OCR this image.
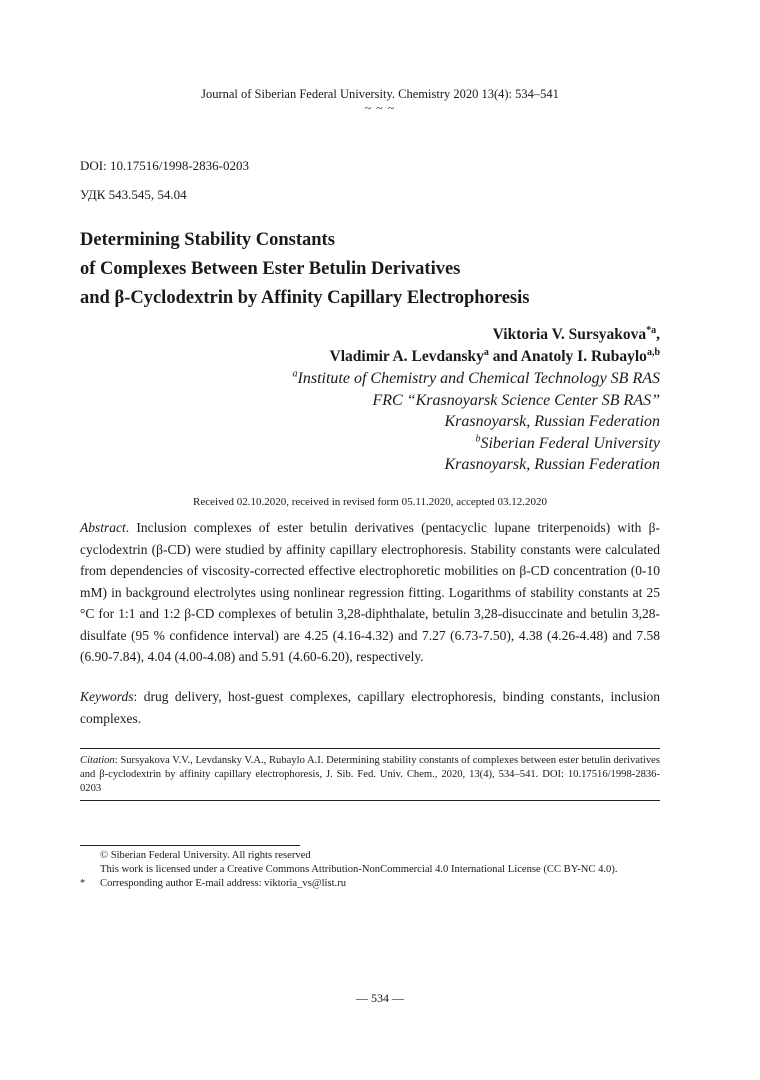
Journal of Siberian Federal University. Chemistry 2020 13(4): 534–541
~ ~ ~
DOI: 10.17516/1998-2836-0203
УДК 543.545, 54.04
Determining Stability Constants
of Complexes Between Ester Betulin Derivatives
and β-Cyclodextrin by Affinity Capillary Electrophoresis
Viktoria V. Sursyakova$^{*a}$,
Vladimir A. Levdansky$^a$ and Anatoly I. Rubaylo$^{a,b}$
$^a$Institute of Chemistry and Chemical Technology SB RAS
FRC “Krasnoyarsk Science Center SB RAS”
Krasnoyarsk, Russian Federation
$^b$Siberian Federal University
Krasnoyarsk, Russian Federation
Received 02.10.2020, received in revised form 05.11.2020, accepted 03.12.2020
Abstract. Inclusion complexes of ester betulin derivatives (pentacyclic lupane triterpenoids) with β-cyclodextrin (β-CD) were studied by affinity capillary electrophoresis. Stability constants were calculated from dependencies of viscosity-corrected effective electrophoretic mobilities on β-CD concentration (0-10 mM) in background electrolytes using nonlinear regression fitting. Logarithms of stability constants at 25 °C for 1:1 and 1:2 β-CD complexes of betulin 3,28-diphthalate, betulin 3,28-disuccinate and betulin 3,28-disulfate (95 % confidence interval) are 4.25 (4.16-4.32) and 7.27 (6.73-7.50), 4.38 (4.26-4.48) and 7.58 (6.90-7.84), 4.04 (4.00-4.08) and 5.91 (4.60-6.20), respectively.
Keywords: drug delivery, host-guest complexes, capillary electrophoresis, binding constants, inclusion complexes.
Citation: Sursyakova V.V., Levdansky V.A., Rubaylo A.I. Determining stability constants of complexes between ester betulin derivatives and β-cyclodextrin by affinity capillary electrophoresis, J. Sib. Fed. Univ. Chem., 2020, 13(4), 534–541. DOI: 10.17516/1998-2836-0203
© Siberian Federal University. All rights reserved
This work is licensed under a Creative Commons Attribution-NonCommercial 4.0 International License (CC BY-NC 4.0).
* Corresponding author E-mail address: viktoria_vs@list.ru
— 534 —
